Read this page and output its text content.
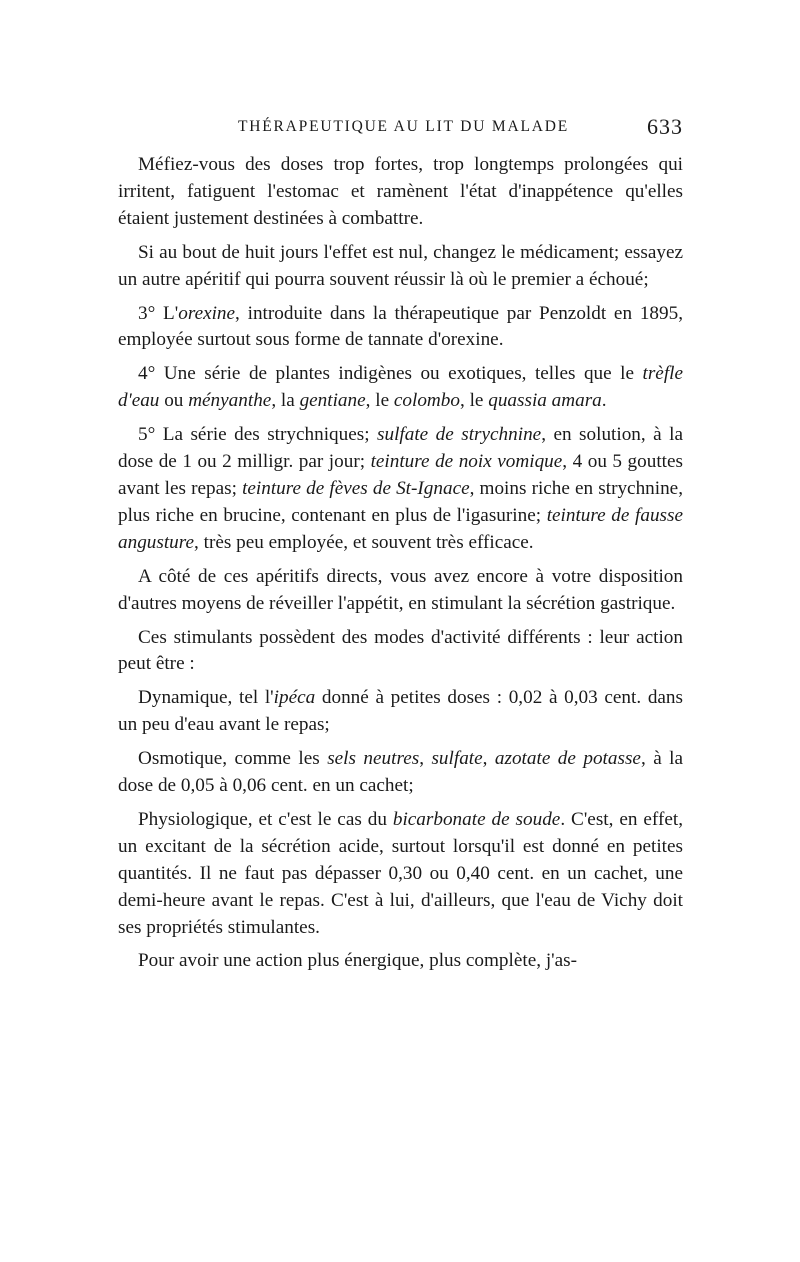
THÉRAPEUTIQUE AU LIT DU MALADE	633

Méfiez-vous des doses trop fortes, trop longtemps prolongées qui irritent, fatiguent l'estomac et ramènent l'état d'inappétence qu'elles étaient justement destinées à combattre.

Si au bout de huit jours l'effet est nul, changez le médicament; essayez un autre apéritif qui pourra souvent réussir là où le premier a échoué;

3° L'orexine, introduite dans la thérapeutique par Penzoldt en 1895, employée surtout sous forme de tannate d'orexine.

4° Une série de plantes indigènes ou exotiques, telles que le trèfle d'eau ou ményanthe, la gentiane, le colombo, le quassia amara.

5° La série des strychniques; sulfate de strychnine, en solution, à la dose de 1 ou 2 milligr. par jour; teinture de noix vomique, 4 ou 5 gouttes avant les repas; teinture de fèves de St-Ignace, moins riche en strychnine, plus riche en brucine, contenant en plus de l'igasurine; teinture de fausse angusture, très peu employée, et souvent très efficace.

A côté de ces apéritifs directs, vous avez encore à votre disposition d'autres moyens de réveiller l'appétit, en stimulant la sécrétion gastrique.

Ces stimulants possèdent des modes d'activité différents : leur action peut être :

Dynamique, tel l'ipéca donné à petites doses : 0,02 à 0,03 cent. dans un peu d'eau avant le repas;

Osmotique, comme les sels neutres, sulfate, azotate de potasse, à la dose de 0,05 à 0,06 cent. en un cachet;

Physiologique, et c'est le cas du bicarbonate de soude. C'est, en effet, un excitant de la sécrétion acide, surtout lorsqu'il est donné en petites quantités. Il ne faut pas dépasser 0,30 ou 0,40 cent. en un cachet, une demi-heure avant le repas. C'est à lui, d'ailleurs, que l'eau de Vichy doit ses propriétés stimulantes.

Pour avoir une action plus énergique, plus complète, j'as-
